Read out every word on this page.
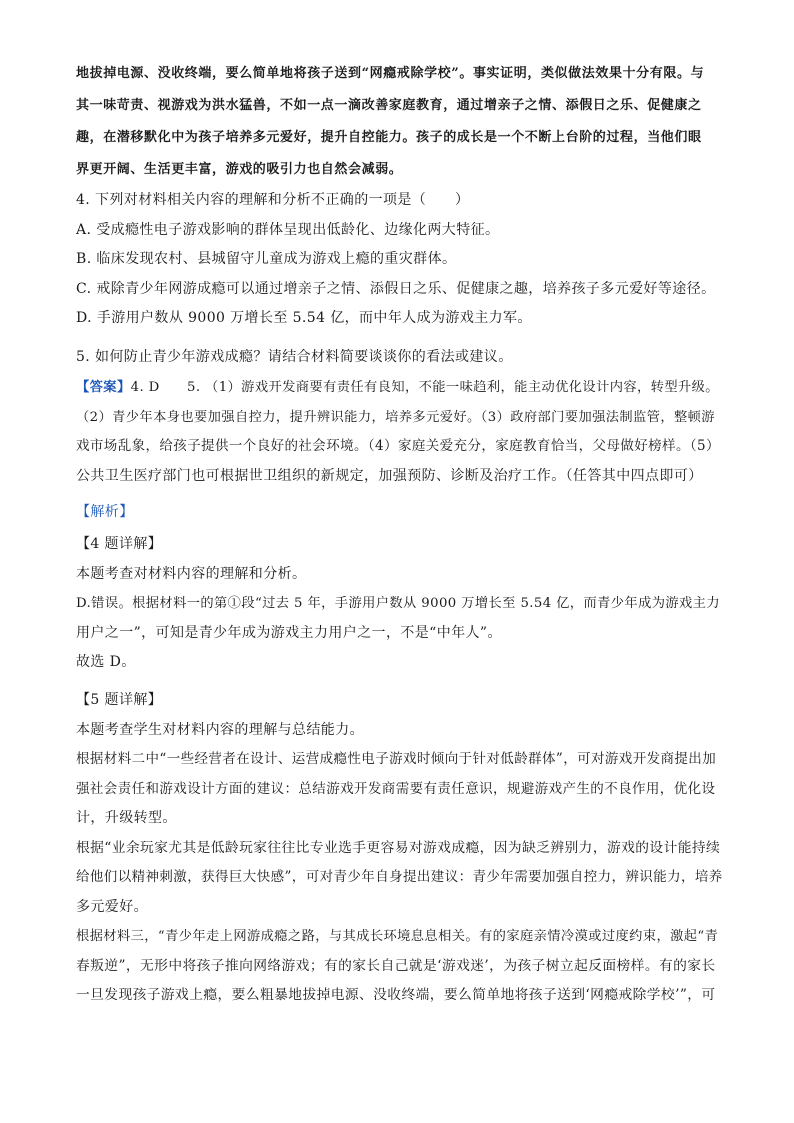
地拔掉电源、没收终端，要么简单地将孩子送到“网瘾戒除学校”。事实证明，类似做法效果十分有限。与
其一味苛责、视游戏为洪水猛兽，不如一点一滴改善家庭教育，通过增亲子之情、添假日之乐、促健康之
趣，在潜移默化中为孩子培养多元爱好，提升自控能力。孩子的成长是一个不断上台阶的过程，当他们眼
界更开阔、生活更丰富，游戏的吸引力也自然会减弱。
4. 下列对材料相关内容的理解和分析不正确的一项是（　　）
A. 受成瘾性电子游戏影响的群体呈现出低龄化、边缘化两大特征。
B. 临床发现农村、县城留守儿童成为游戏上瘾的重灾群体。
C. 戒除青少年网游成瘾可以通过增亲子之情、添假日之乐、促健康之趣，培养孩子多元爱好等途径。
D. 手游用户数从 9000 万增长至 5.54 亿，而中年人成为游戏主力军。
5. 如何防止青少年游戏成瘾？请结合材料简要谈谈你的看法或建议。
【答案】4. D　　5. （1）游戏开发商要有责任有良知，不能一味趋利，能主动优化设计内容，转型升级。
（2）青少年本身也要加强自控力，提升辨识能力，培养多元爱好。（3）政府部门要加强法制监管，整顿游
戏市场乱象，给孩子提供一个良好的社会环境。（4）家庭关爱充分，家庭教育恰当，父母做好榜样。（5）
公共卫生医疗部门也可根据世卫组织的新规定，加强预防、诊断及治疗工作。（任答其中四点即可）
【解析】
【4 题详解】
本题考查对材料内容的理解和分析。
D.错误。根据材料一的第①段“过去 5 年，手游用户数从 9000 万增长至 5.54 亿，而青少年成为游戏主力
用户之一”，可知是青少年成为游戏主力用户之一，不是“中年人”。
故选 D。
【5 题详解】
本题考查学生对材料内容的理解与总结能力。
根据材料二中“一些经营者在设计、运营成瘾性电子游戏时倾向于针对低龄群体”，可对游戏开发商提出加
强社会责任和游戏设计方面的建议：总结游戏开发商需要有责任意识，规避游戏产生的不良作用，优化设
计，升级转型。
根据“业余玩家尤其是低龄玩家往往比专业选手更容易对游戏成瘾，因为缺乏辨别力，游戏的设计能持续
给他们以精神刺激，获得巨大快感”，可对青少年自身提出建议：青少年需要加强自控力，辨识能力，培养
多元爱好。
根据材料三，“青少年走上网游成瘾之路，与其成长环境息息相关。有的家庭亲情冷漠或过度约束，激起“青
春叛逆”，无形中将孩子推向网络游戏；有的家长自己就是‘游戏迷’，为孩子树立起反面榜样。有的家长
一旦发现孩子游戏上瘾，要么粗暴地拔掉电源、没收终端，要么简单地将孩子送到‘网瘾戒除学校’”，可
